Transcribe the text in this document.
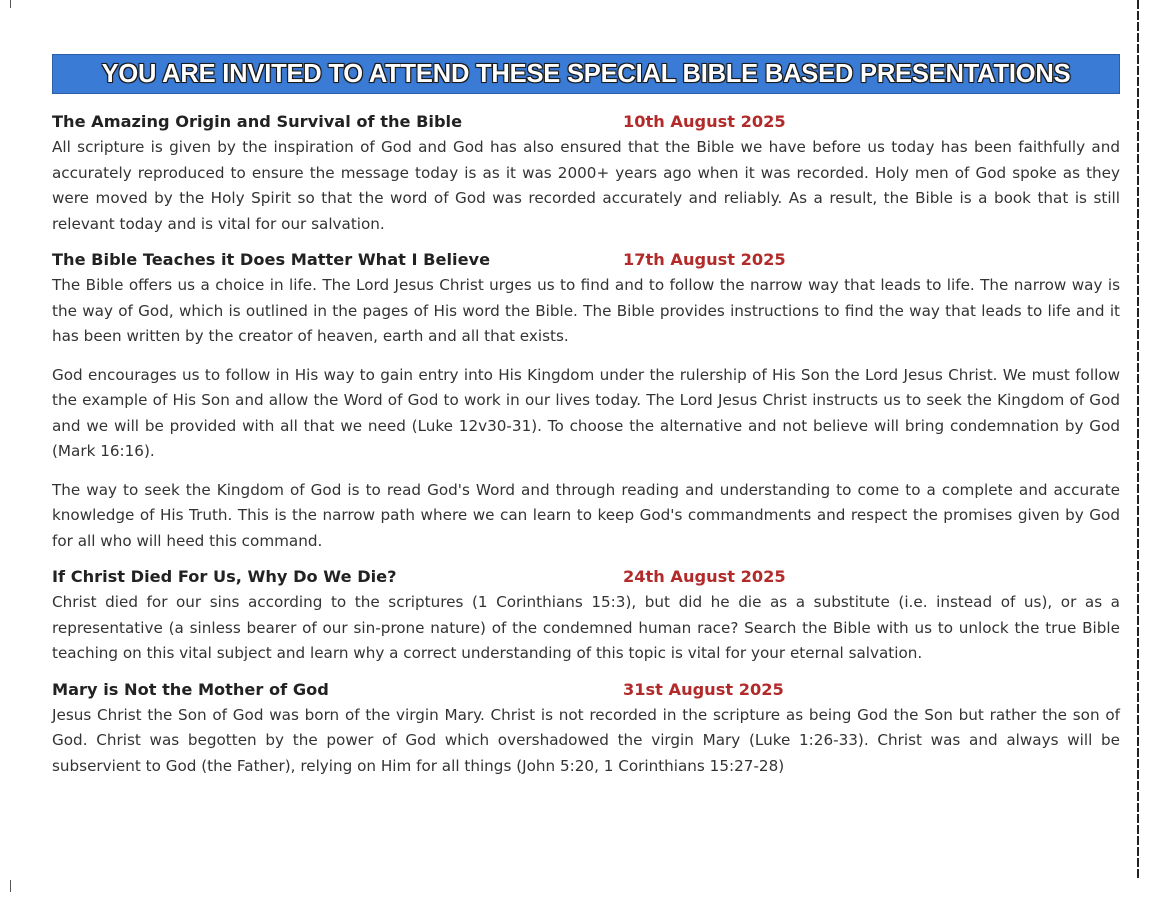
YOU ARE INVITED TO ATTEND THESE SPECIAL BIBLE BASED PRESENTATIONS
The Amazing Origin and Survival of the Bible	10th August 2025

All scripture is given by the inspiration of God and God has also ensured that the Bible we have before us today has been faithfully and accurately reproduced to ensure the message today is as it was 2000+ years ago when it was recorded. Holy men of God spoke as they were moved by the Holy Spirit so that the word of God was recorded accurately and reliably. As a result, the Bible is a book that is still relevant today and is vital for our salvation.

The Bible Teaches it Does Matter What I Believe	17th August 2025

The Bible offers us a choice in life. The Lord Jesus Christ urges us to find and to follow the narrow way that leads to life. The narrow way is the way of God, which is outlined in the pages of His word the Bible. The Bible provides instructions to find the way that leads to life and it has been written by the creator of heaven, earth and all that exists.

God encourages us to follow in His way to gain entry into His Kingdom under the rulership of His Son the Lord Jesus Christ. We must follow the example of His Son and allow the Word of God to work in our lives today. The Lord Jesus Christ instructs us to seek the Kingdom of God and we will be provided with all that we need (Luke 12v30-31). To choose the alternative and not believe will bring condemnation by God (Mark 16:16).

The way to seek the Kingdom of God is to read God's Word and through reading and understanding to come to a complete and accurate knowledge of His Truth. This is the narrow path where we can learn to keep God's commandments and respect the promises given by God for all who will heed this command.

If Christ Died For Us, Why Do We Die?	24th August 2025

Christ died for our sins according to the scriptures (1 Corinthians 15:3), but did he die as a substitute (i.e. instead of us), or as a representative (a sinless bearer of our sin-prone nature) of the condemned human race? Search the Bible with us to unlock the true Bible teaching on this vital subject and learn why a correct understanding of this topic is vital for your eternal salvation.

Mary is Not the Mother of God	31st August 2025

Jesus Christ the Son of God was born of the virgin Mary. Christ is not recorded in the scripture as being God the Son but rather the son of God. Christ was begotten by the power of God which overshadowed the virgin Mary (Luke 1:26-33). Christ was and always will be subservient to God (the Father), relying on Him for all things (John 5:20, 1 Corinthians 15:27-28)
